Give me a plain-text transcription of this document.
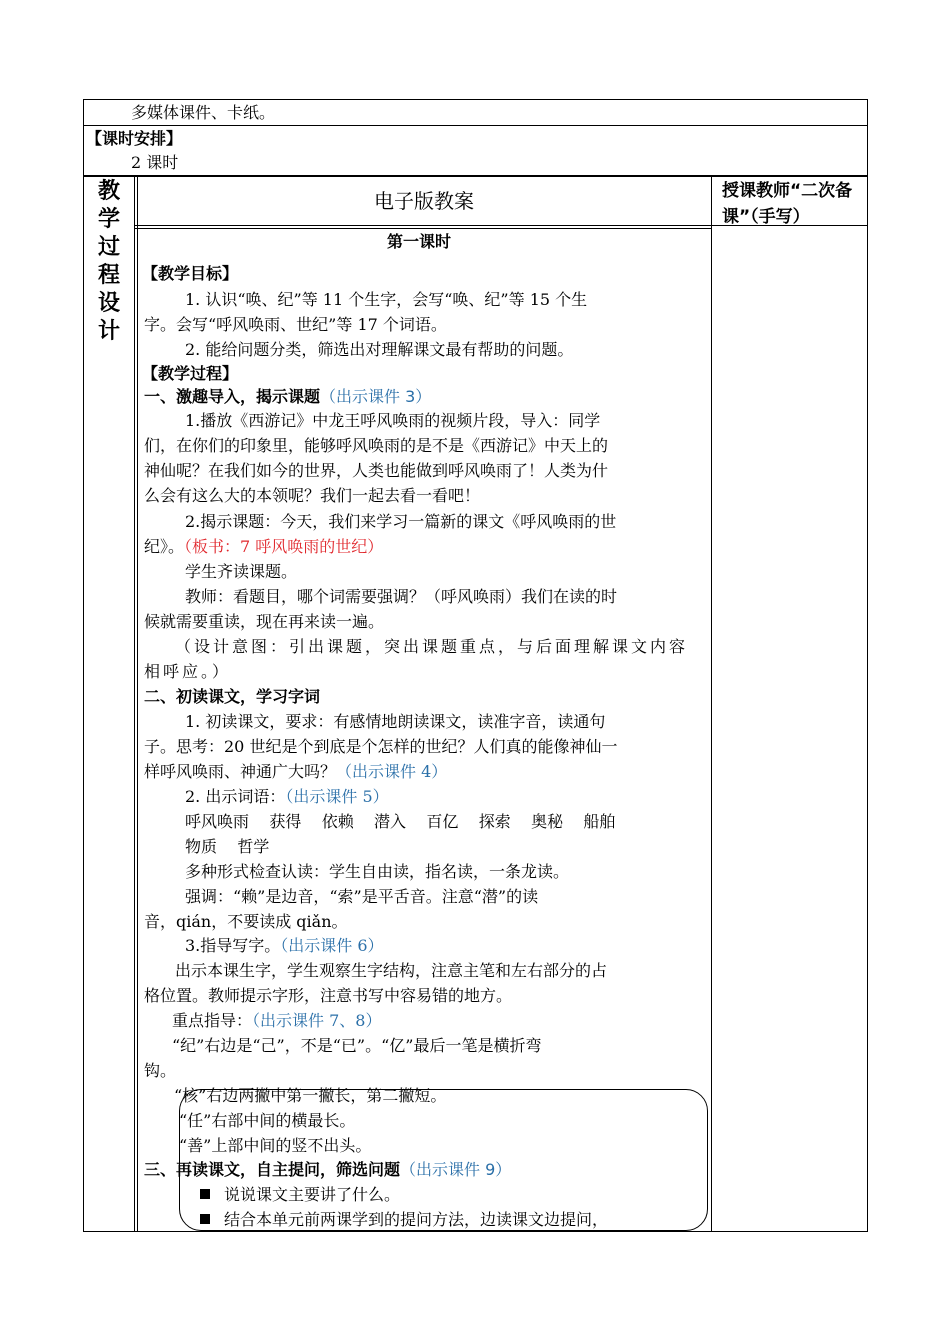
多媒体课件、卡纸。
【课时安排】
2 课时
教
学
过
程
设
计
电子版教案	授课教师“二次备课”（手写）
第一课时
【教学目标】
1. 认识“唤、纪”等 11 个生字，会写“唤、纪”等 15 个生
字。会写“呼风唤雨、世纪”等 17 个词语。
2. 能给问题分类，筛选出对理解课文最有帮助的问题。
【教学过程】
一、激趣导入，揭示课题（出示课件 3）
1.播放《西游记》中龙王呼风唤雨的视频片段，导入：同学
们，在你们的印象里，能够呼风唤雨的是不是《西游记》中天上的
神仙呢？在我们如今的世界，人类也能做到呼风唤雨了！人类为什
么会有这么大的本领呢？我们一起去看一看吧！
2.揭示课题：今天，我们来学习一篇新的课文《呼风唤雨的世
纪》。（板书：7 呼风唤雨的世纪）
学生齐读课题。
教师：看题目，哪个词需要强调？（呼风唤雨）我们在读的时
候就需要重读，现在再来读一遍。
（设计意图：引出课题，突出课题重点，与后面理解课文内容
相呼应。）
二、初读课文，学习字词
1. 初读课文，要求：有感情地朗读课文，读准字音，读通句
子。思考：20 世纪是个到底是个怎样的世纪？人们真的能像神仙一
样呼风唤雨、神通广大吗？（出示课件 4）
2. 出示词语：（出示课件 5）
呼风唤雨    获得    依赖    潜入    百亿    探索    奥秘    船舶
物质    哲学
多种形式检查认读：学生自由读，指名读，一条龙读。
强调：“赖”是边音，“索”是平舌音。注意“潜”的读
音，qián，不要读成 qiǎn。
3.指导写字。（出示课件 6）
出示本课生字，学生观察生字结构，注意主笔和左右部分的占
格位置。教师提示字形，注意书写中容易错的地方。
重点指导：（出示课件 7、8）
“纪”右边是“己”，不是“已”。“亿”最后一笔是横折弯
钩。
“核”右边两撇中第一撇长，第二撇短。
“任”右部中间的横最长。
“善”上部中间的竖不出头。
三、再读课文，自主提问，筛选问题（出示课件 9）
说说课文主要讲了什么。
结合本单元前两课学到的提问方法，边读课文边提问，
